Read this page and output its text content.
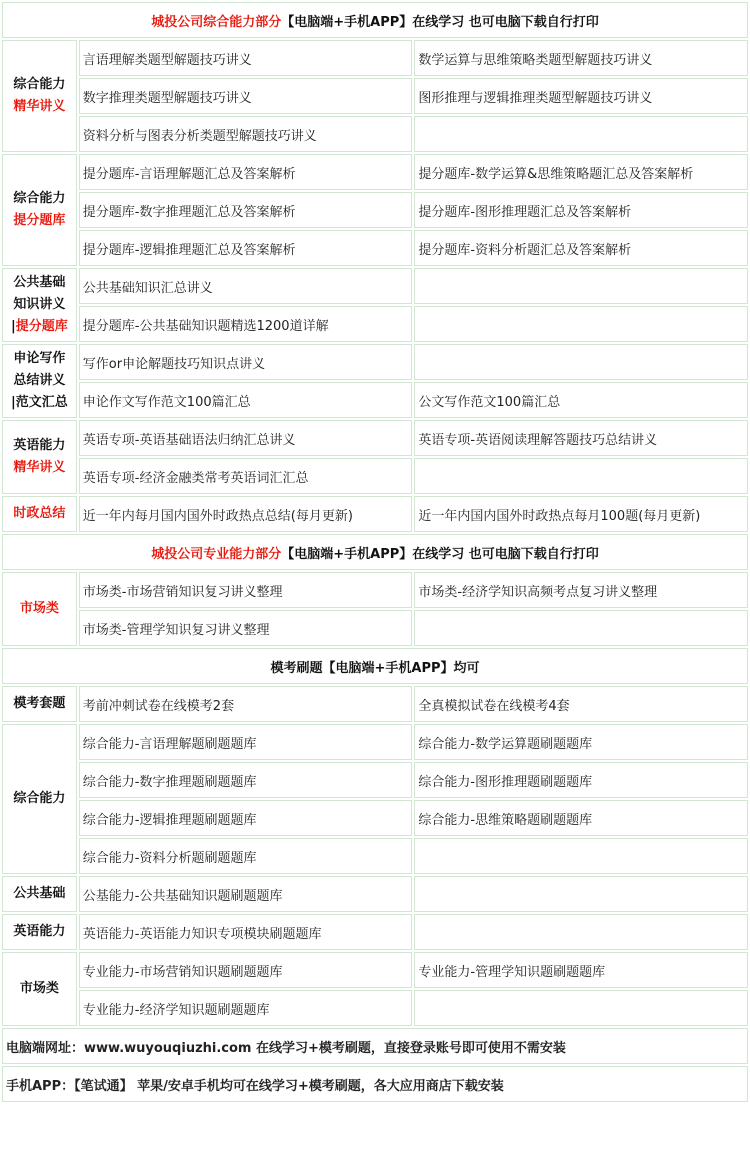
城投公司综合能力部分【电脑端+手机APP】在线学习 也可电脑下载自行打印		

综合能力
精华讲义	言语理解类题型解题技巧讲义	数学运算与思维策略类题型解题技巧讲义
	数字推理类题型解题技巧讲义	图形推理与逻辑推理类题型解题技巧讲义
	资料分析与图表分析类题型解题技巧讲义	

综合能力
提分题库	提分题库-言语理解题汇总及答案解析	提分题库-数学运算&思维策略题汇总及答案解析
	提分题库-数字推理题汇总及答案解析	提分题库-图形推理题汇总及答案解析
	提分题库-逻辑推理题汇总及答案解析	提分题库-资料分析题汇总及答案解析

公共基础
知识讲义
|提分题库	公共基础知识汇总讲义	
	提分题库-公共基础知识题精选1200道详解	

申论写作
总结讲义
|范文汇总	写作or申论解题技巧知识点讲义	
	申论作文写作范文100篇汇总	公文写作范文100篇汇总

英语能力
精华讲义	英语专项-英语基础语法归纳汇总讲义	英语专项-英语阅读理解答题技巧总结讲义
	英语专项-经济金融类常考英语词汇汇总	

时政总结	近一年内每月国内国外时政热点总结(每月更新)	近一年内国内国外时政热点每月100题(每月更新)
城投公司专业能力部分【电脑端+手机APP】在线学习 也可电脑下载自行打印		

市场类	市场类-市场营销知识复习讲义整理	市场类-经济学知识高频考点复习讲义整理
	市场类-管理学知识复习讲义整理	
模考刷题【电脑端+手机APP】均可		

模考套题	考前冲刺试卷在线模考2套	全真模拟试卷在线模考4套

综合能力	综合能力-言语理解题刷题题库	综合能力-数学运算题刷题题库
	综合能力-数字推理题刷题题库	综合能力-图形推理题刷题题库
	综合能力-逻辑推理题刷题题库	综合能力-思维策略题刷题题库
	综合能力-资料分析题刷题题库	

公共基础	公基能力-公共基础知识题刷题题库	

英语能力	英语能力-英语能力知识专项模块刷题题库	

市场类	专业能力-市场营销知识题刷题题库	专业能力-管理学知识题刷题题库
	专业能力-经济学知识题刷题题库	
电脑端网址：www.wuyouqiuzhi.com 在线学习+模考刷题，直接登录账号即可使用不需安装		
手机APP：【笔试通】 苹果/安卓手机均可在线学习+模考刷题，各大应用商店下载安装		
